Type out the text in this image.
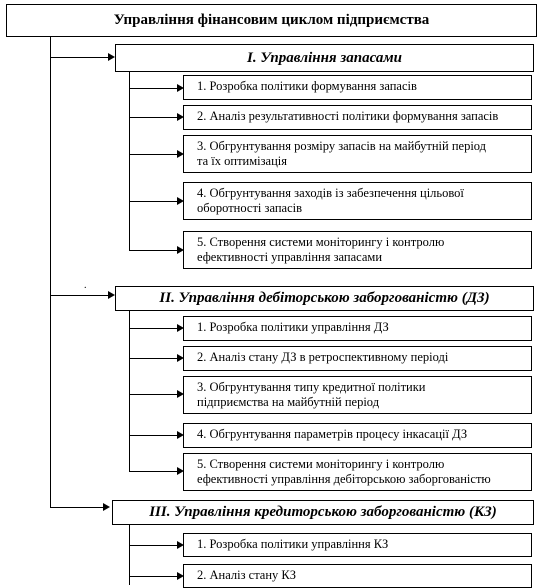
Управління фінансовим циклом підприємства
.
I. Управління запасами
1. Розробка політики формування запасів
2. Аналіз результативності політики формування запасів
3. Обгрунтування розміру запасів на майбутній період
та їх оптимізація
4. Обгрунтування заходів із забезпечення цільової
оборотності запасів
5. Створення системи моніторингу і контролю
ефективності управління запасами
II. Управління дебіторською заборгованістю (ДЗ)
1. Розробка політики управління ДЗ
2. Аналіз стану ДЗ в ретроспективному періоді
3. Обгрунтування типу кредитної політики
підприємства на майбутній період
4. Обгрунтування параметрів процесу інкасації ДЗ
5. Створення системи моніторингу і контролю
ефективності управління дебіторською заборгованістю
III. Управління кредиторською заборгованістю (КЗ)
1. Розробка політики управління КЗ
2. Аналіз стану КЗ
